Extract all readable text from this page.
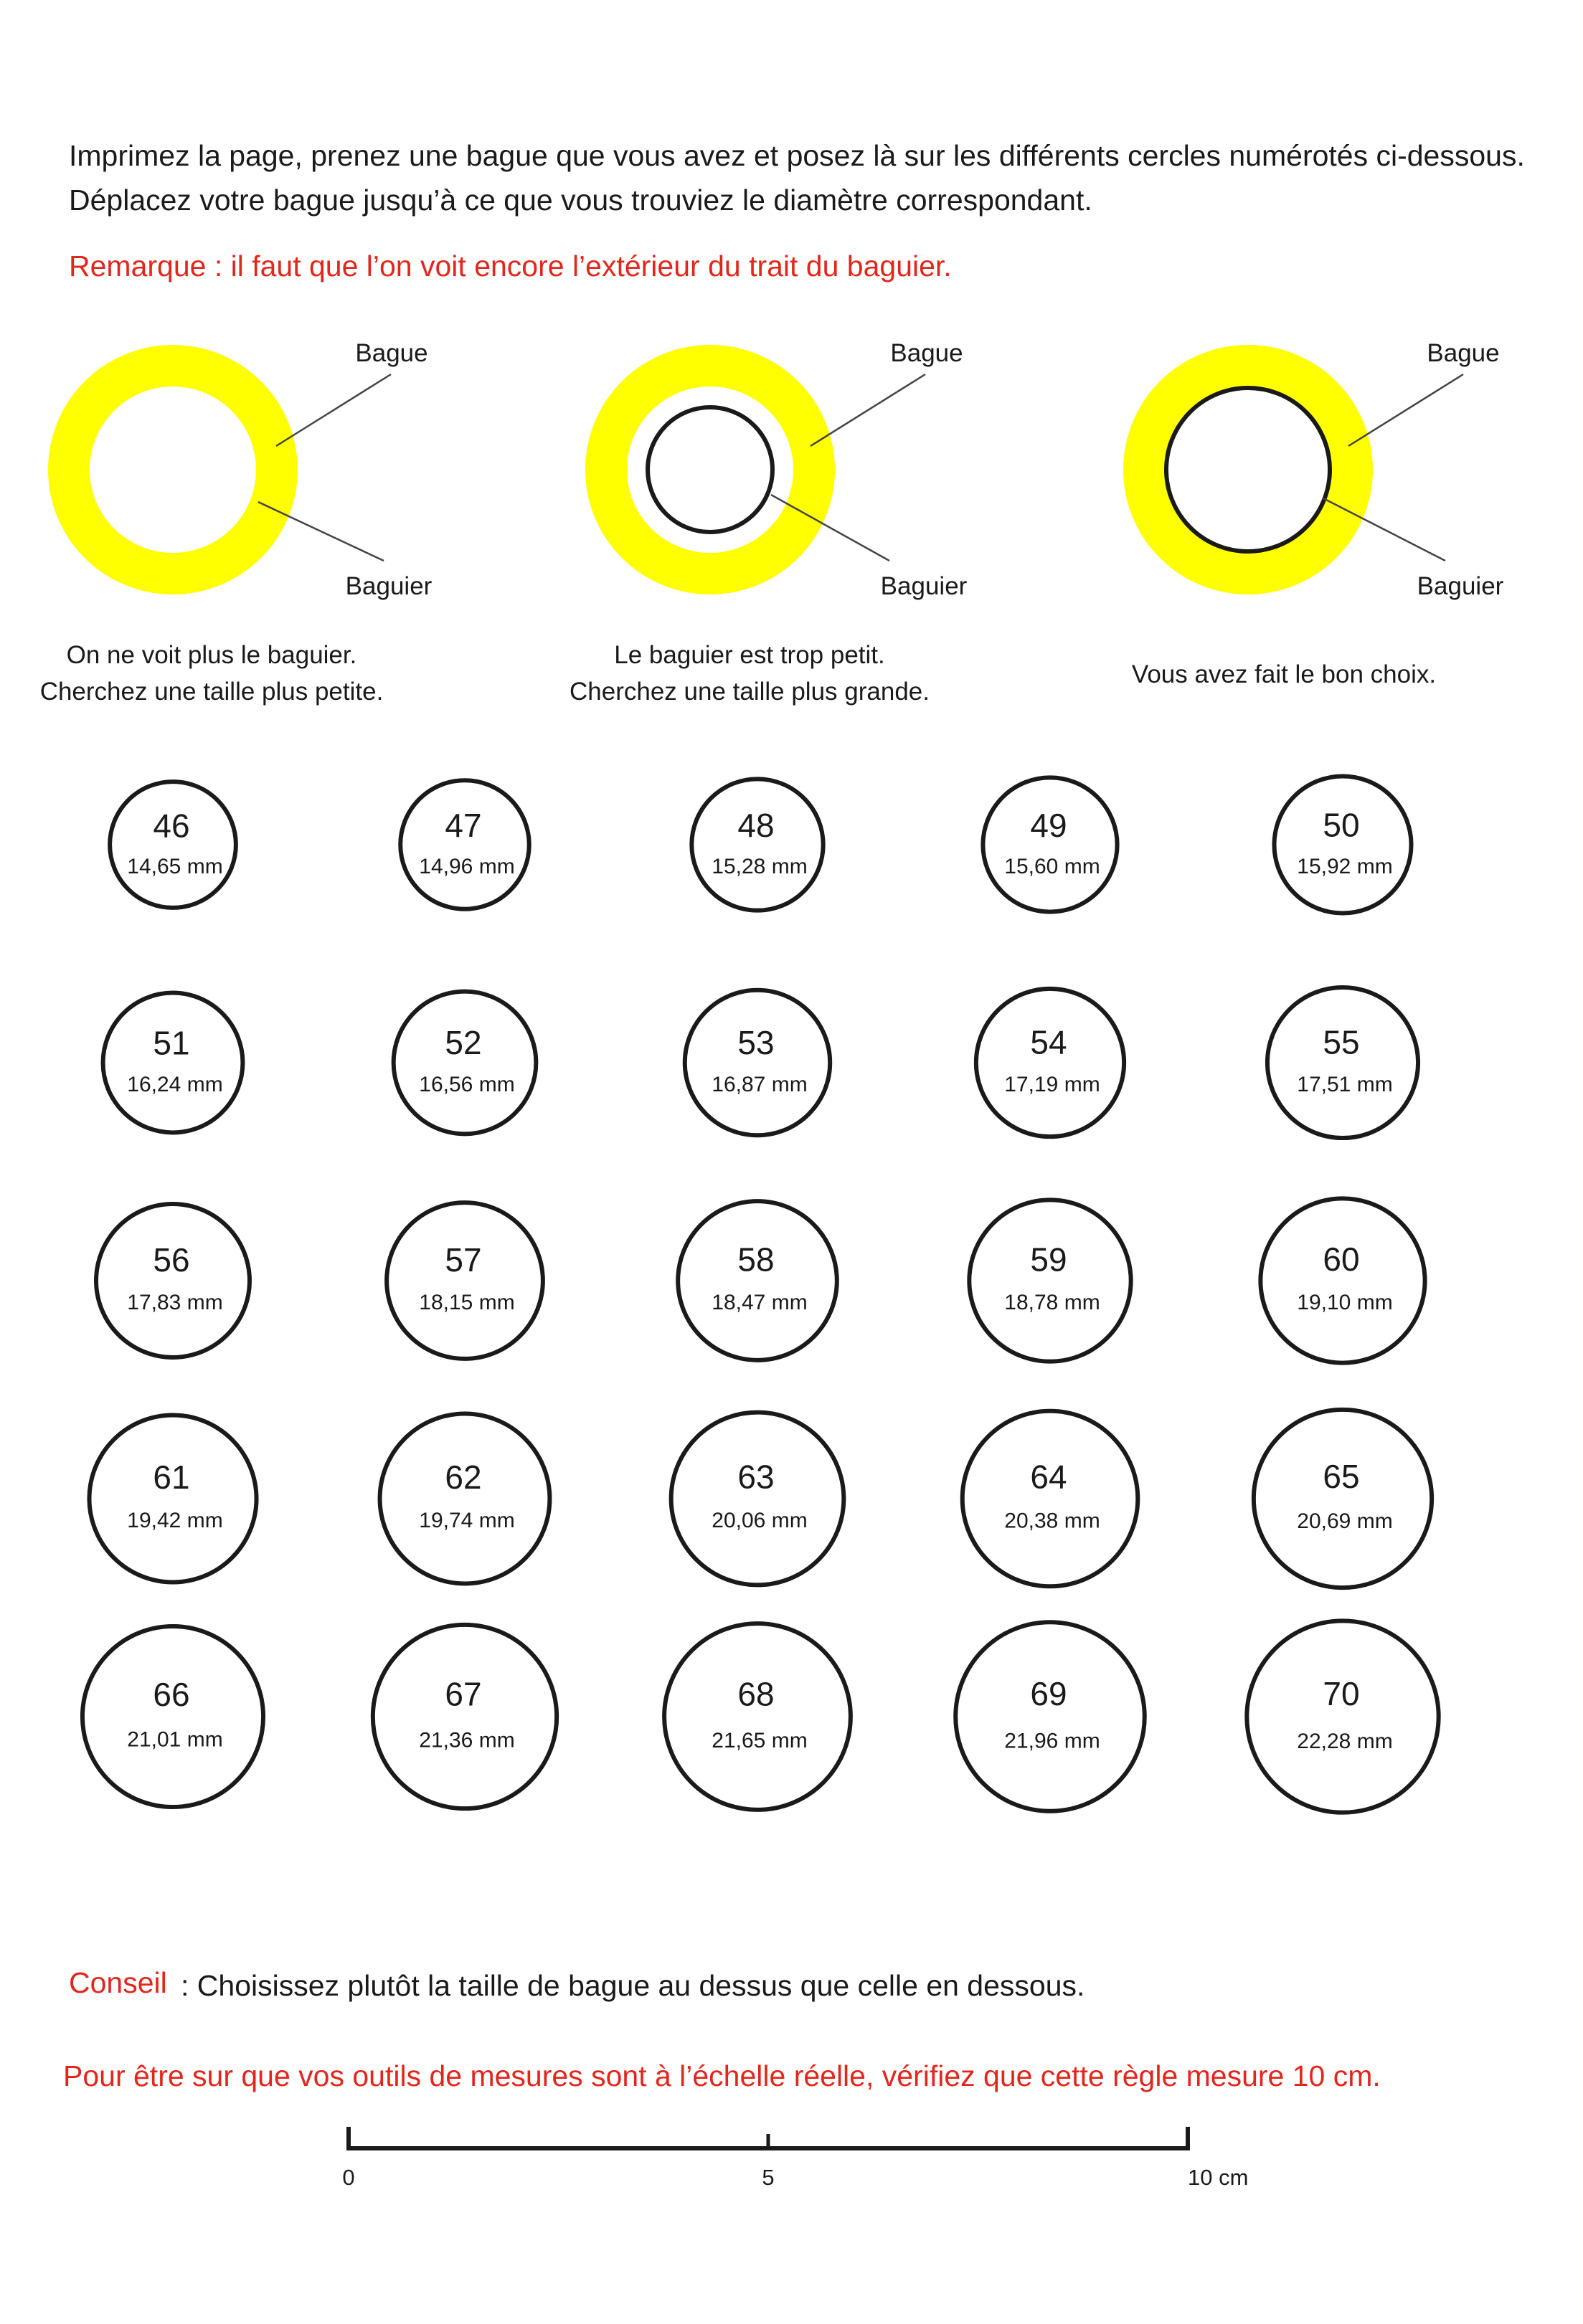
Imprimez la page, prenez une bague que vous avez et posez là sur les différents cercles numérotés ci-dessous. Déplacez votre bague jusqu’à ce que vous trouviez le diamètre correspondant.
Remarque : il faut que l’on voit encore l’extérieur du trait du baguier.
Bague
Baguier
Bague
Baguier
Bague
Baguier
46
14,65 mm
47
14,96 mm
48
15,28 mm
49
15,60 mm
50
15,92 mm
51
16,24 mm
52
16,56 mm
53
16,87 mm
54
17,19 mm
55
17,51 mm
56
17,83 mm
57
18,15 mm
58
18,47 mm
59
18,78 mm
60
19,10 mm
61
19,42 mm
62
19,74 mm
63
20,06 mm
64
20,38 mm
65
20,69 mm
66
21,01 mm
67
21,36 mm
68
21,65 mm
69
21,96 mm
70
22,28 mm
0	5	10 cm
On ne voit plus le baguier.
Cherchez une taille plus petite.
Le baguier est trop petit.
Cherchez une taille plus grande.
Vous avez fait le bon choix.
Conseil : Choisissez plutôt la taille de bague au dessus que celle en dessous.
Pour être sur que vos outils de mesures sont à l’échelle réelle, vérifiez que cette règle mesure 10 cm.
